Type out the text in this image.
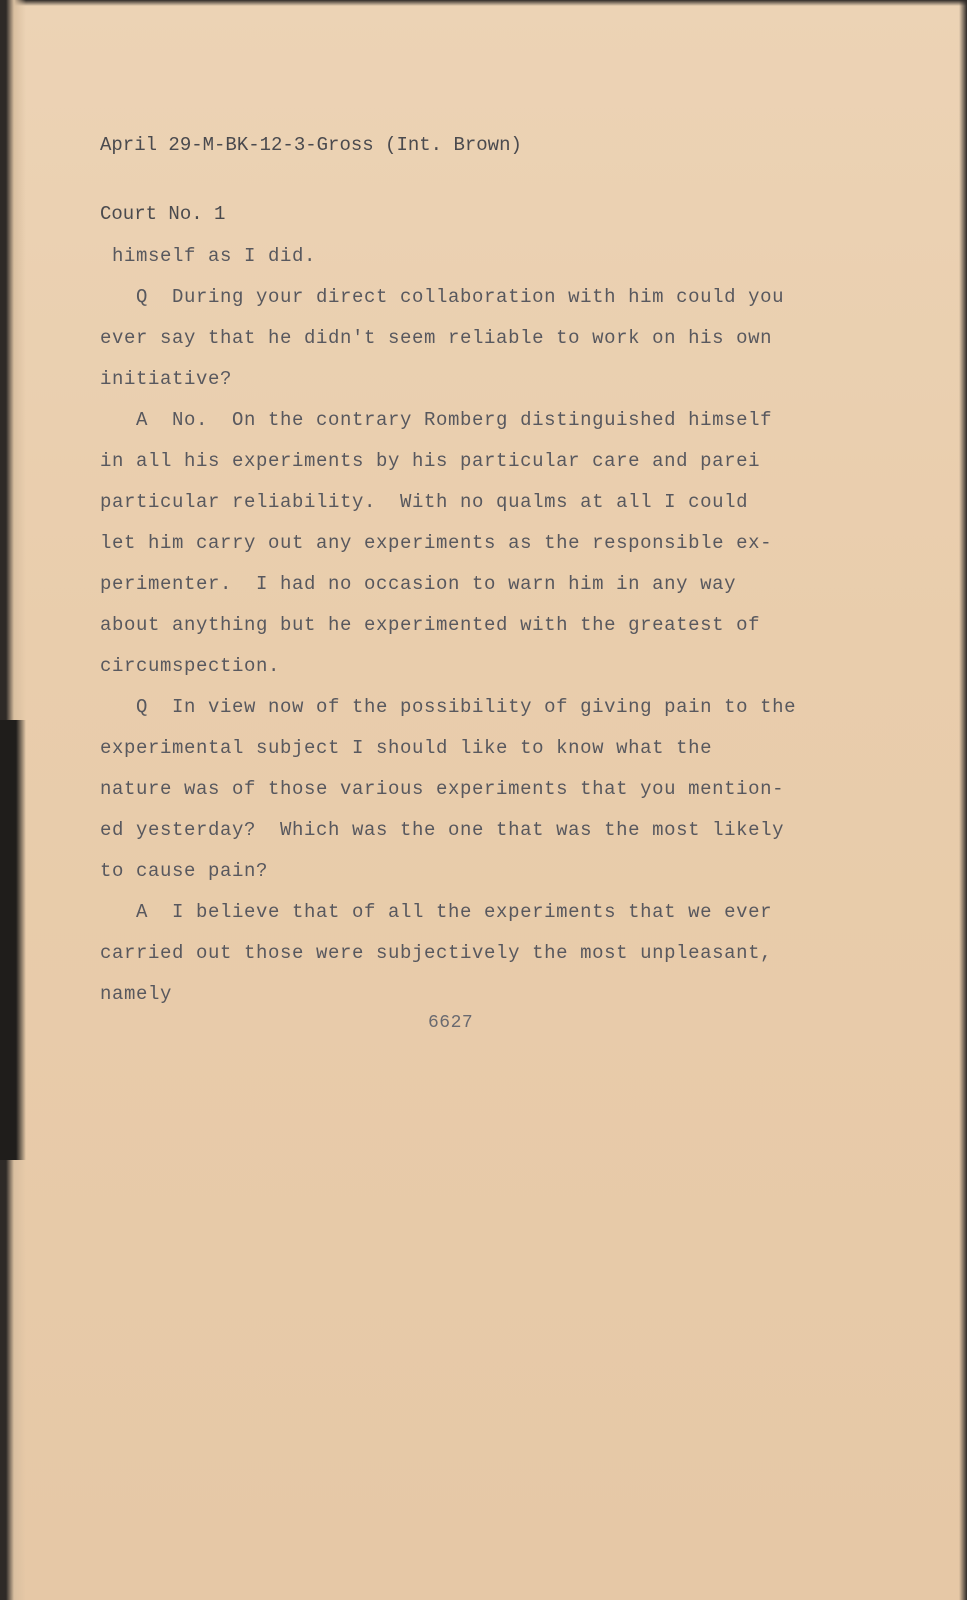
April 29-M-BK-12-3-Gross (Int. Brown)

Court No. 1

himself as I did.
Q  During your direct collaboration with him could you
ever say that he didn't seem reliable to work on his own
initiative?
A  No.  On the contrary Romberg distinguished himself
in all his experiments by his particular care and parei
particular reliability.  With no qualms at all I could
let him carry out any experiments as the responsible ex-
perimenter.  I had no occasion to warn him in any way
about anything but he experimented with the greatest of
circumspection.
Q  In view now of the possibility of giving pain to the
experimental subject I should like to know what the
nature was of those various experiments that you mention-
ed yesterday?  Which was the one that was the most likely
to cause pain?
A  I believe that of all the experiments that we ever
carried out those were subjectively the most unpleasant,
namely
6627
